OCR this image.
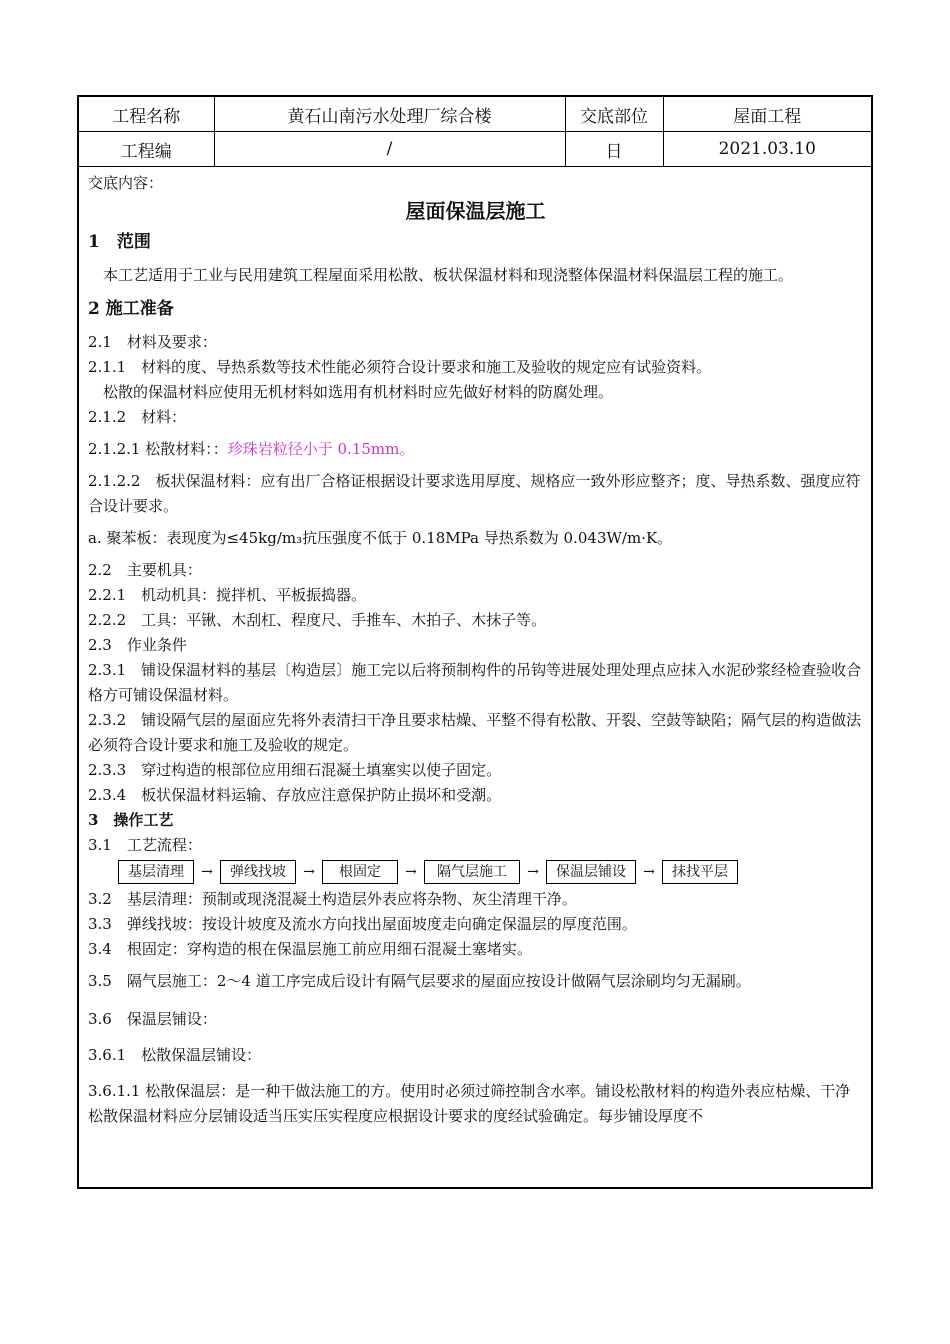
工程名称	黄石山南污水处理厂综合楼	交底部位	屋面工程
工程编	/	日	2021.03.10

交底内容：

屋面保温层施工

1　范围

本工艺适用于工业与民用建筑工程屋面采用松散、板状保温材料和现浇整体保温材料保温层工程的施工。

2 施工准备

2.1　材料及要求：

2.1.1　材料的度、导热系数等技术性能必须符合设计要求和施工及验收的规定应有试验资料。

松散的保温材料应使用无机材料如选用有机材料时应先做好材料的防腐处理。

2.1.2　材料：

2.1.2.1 松散材料：：珍珠岩粒径小于 0.15mm。

2.1.2.2　板状保温材料：应有出厂合格证根据设计要求选用厚度、规格应一致外形应整齐；度、导热系数、强度应符合设计要求。

a. 聚苯板：表现度为≤45kg/m₃抗压强度不低于 0.18MPa 导热系数为 0.043W/m·K。

2.2　主要机具：

2.2.1　机动机具：搅拌机、平板振捣器。

2.2.2　工具：平锹、木刮杠、程度尺、手推车、木拍子、木抹子等。

2.3　作业条件

2.3.1　铺设保温材料的基层〔构造层〕施工完以后将预制构件的吊钩等进展处理处理点应抹入水泥砂浆经检查验收合格方可铺设保温材料。

2.3.2　铺设隔气层的屋面应先将外表清扫干净且要求枯燥、平整不得有松散、开裂、空鼓等缺陷；隔气层的构造做法必须符合设计要求和施工及验收的规定。

2.3.3　穿过构造的根部位应用细石混凝土填塞实以使子固定。

2.3.4　板状保温材料运输、存放应注意保护防止损坏和受潮。

3　操作工艺

3.1　工艺流程：

基层清理	→	弹线找坡	→	根固定	→	隔气层施工	→	保温层铺设	→	抹找平层

3.2　基层清理：预制或现浇混凝土构造层外表应将杂物、灰尘清理干净。

3.3　弹线找坡：按设计坡度及流水方向找出屋面坡度走向确定保温层的厚度范围。

3.4　根固定：穿构造的根在保温层施工前应用细石混凝土塞堵实。

3.5　隔气层施工：2～4 道工序完成后设计有隔气层要求的屋面应按设计做隔气层涂刷均匀无漏刷。

3.6　保温层铺设：

3.6.1　松散保温层铺设：

3.6.1.1 松散保温层：是一种干做法施工的方。使用时必须过筛控制含水率。铺设松散材料的构造外表应枯燥、干净松散保温材料应分层铺设适当压实压实程度应根据设计要求的度经试验确定。每步铺设厚度不
